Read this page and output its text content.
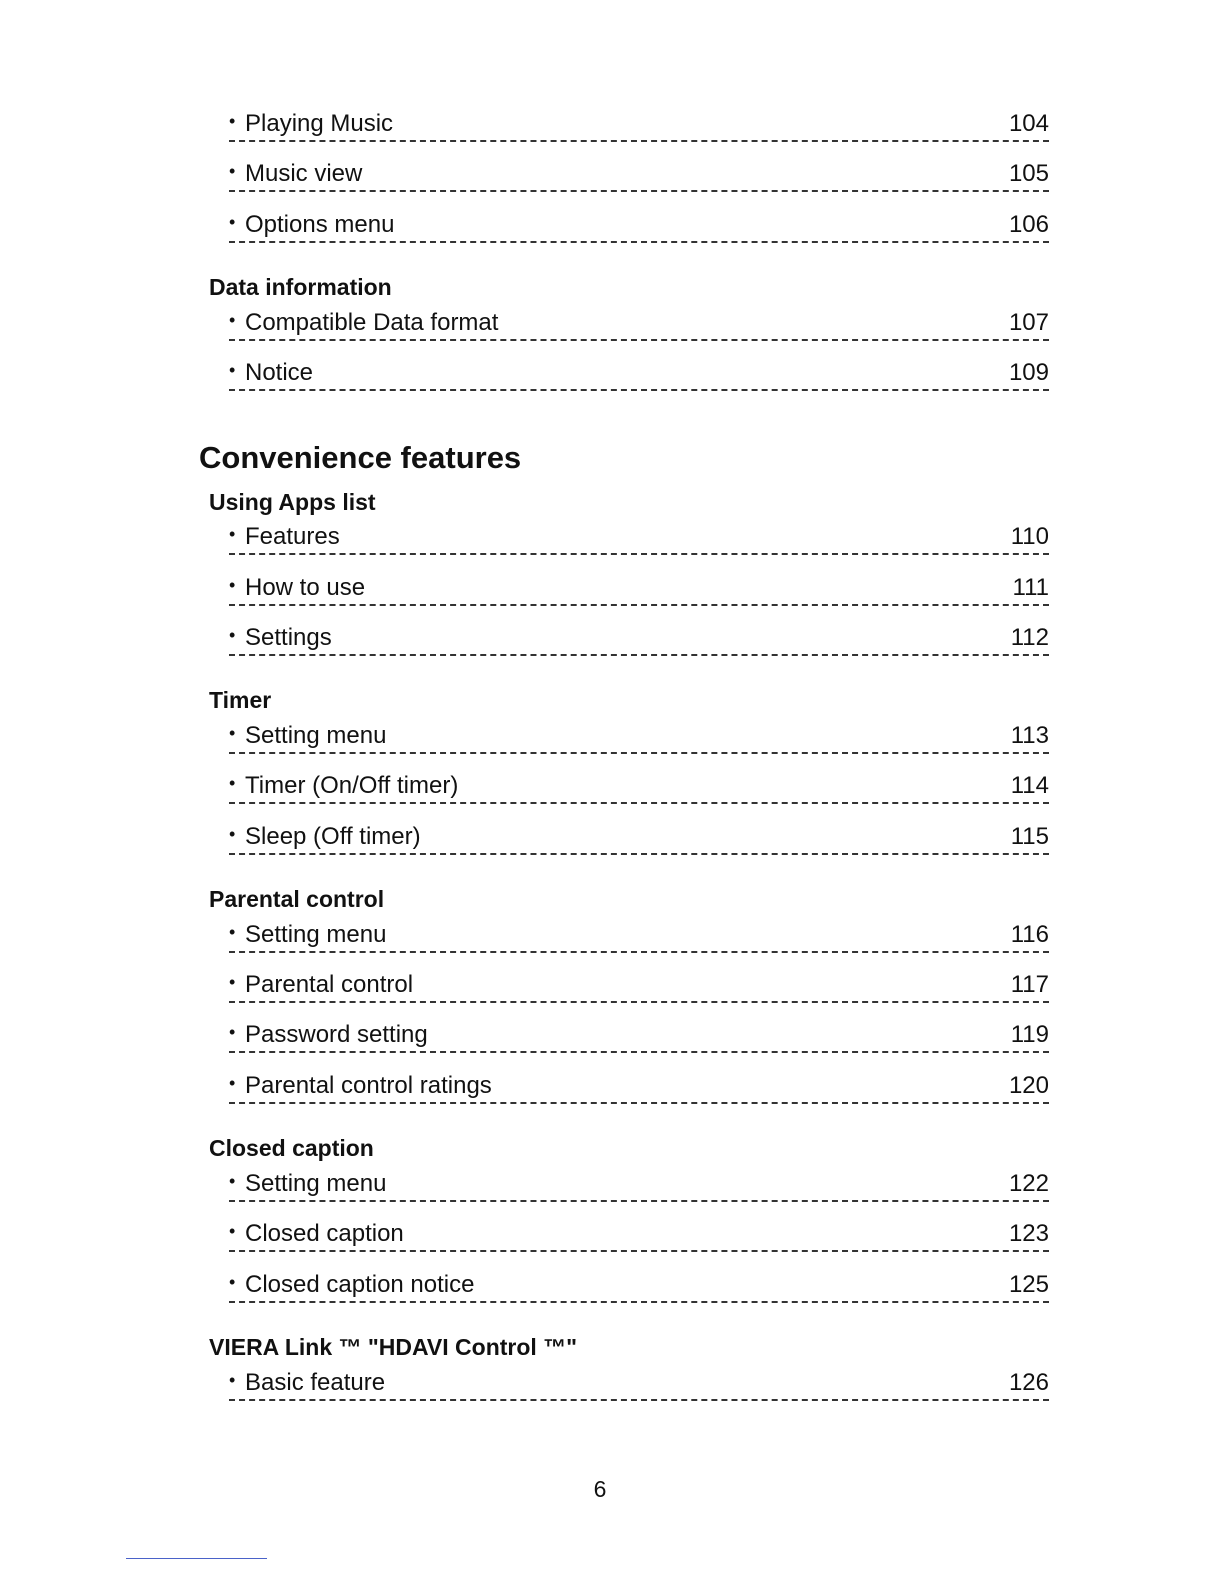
• Playing Music	104
• Music view	105
• Options menu	106
Data information
• Compatible Data format	107
• Notice	109
Convenience features
Using Apps list
• Features	110
• How to use	111
• Settings	112
Timer
• Setting menu	113
• Timer (On/Off timer)	114
• Sleep (Off timer)	115
Parental control
• Setting menu	116
• Parental control	117
• Password setting	119
• Parental control ratings	120
Closed caption
• Setting menu	122
• Closed caption	123
• Closed caption notice	125
VIERA Link ™ "HDAVI Control ™"
• Basic feature	126
6
